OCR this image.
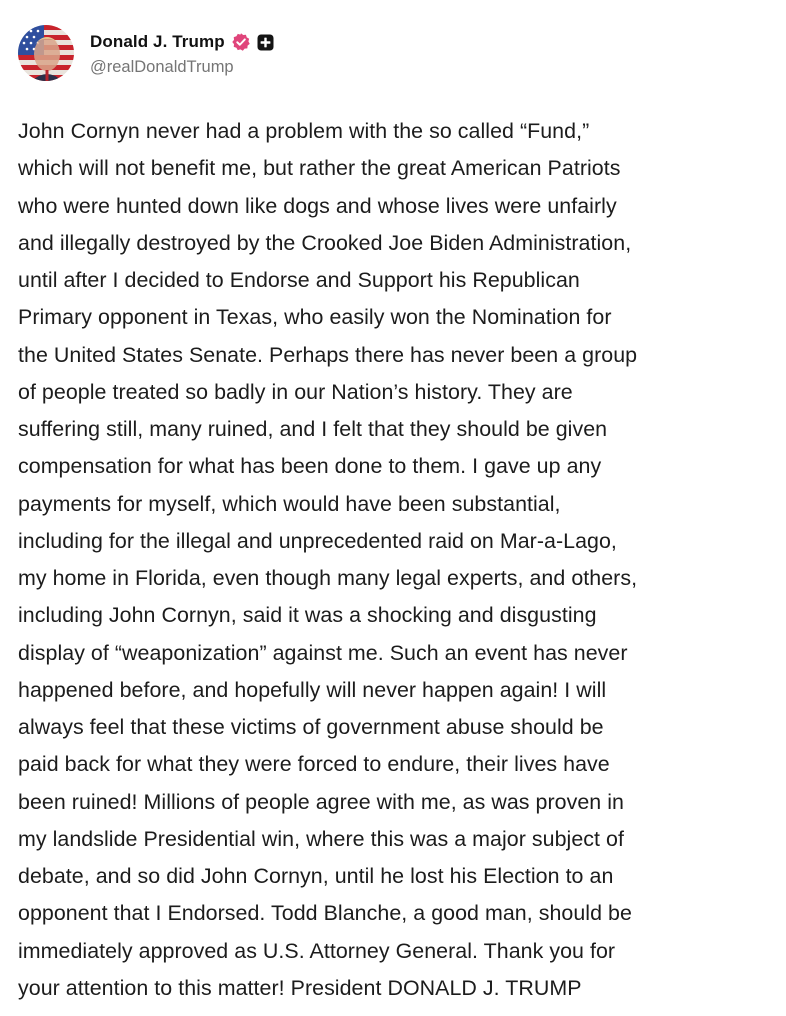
Donald J. Trump
@realDonaldTrump
John Cornyn never had a problem with the so called “Fund,”
which will not benefit me, but rather the great American Patriots
who were hunted down like dogs and whose lives were unfairly
and illegally destroyed by the Crooked Joe Biden Administration,
until after I decided to Endorse and Support his Republican
Primary opponent in Texas, who easily won the Nomination for
the United States Senate. Perhaps there has never been a group
of people treated so badly in our Nation’s history. They are
suffering still, many ruined, and I felt that they should be given
compensation for what has been done to them. I gave up any
payments for myself, which would have been substantial,
including for the illegal and unprecedented raid on Mar-a-Lago,
my home in Florida, even though many legal experts, and others,
including John Cornyn, said it was a shocking and disgusting
display of “weaponization” against me. Such an event has never
happened before, and hopefully will never happen again! I will
always feel that these victims of government abuse should be
paid back for what they were forced to endure, their lives have
been ruined! Millions of people agree with me, as was proven in
my landslide Presidential win, where this was a major subject of
debate, and so did John Cornyn, until he lost his Election to an
opponent that I Endorsed. Todd Blanche, a good man, should be
immediately approved as U.S. Attorney General. Thank you for
your attention to this matter! President DONALD J. TRUMP
